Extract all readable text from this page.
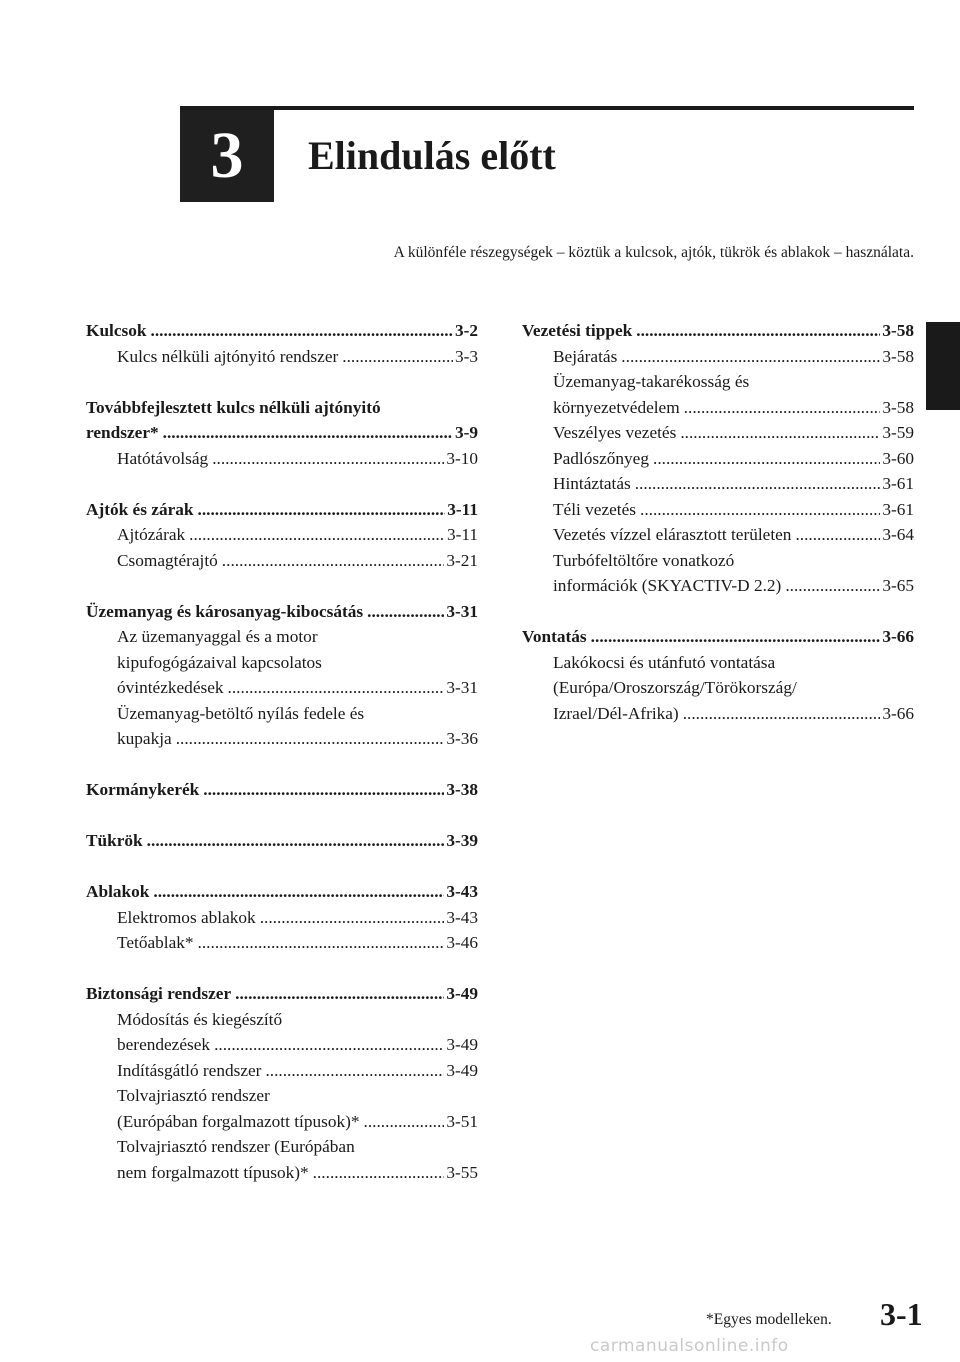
3 Elindulás előtt
A különféle részegységek – köztük a kulcsok, ajtók, tükrök és ablakok – használata.
Kulcsok .....	3-2
Kulcs nélküli ajtónyitó rendszer .....	3-3
Továbbfejlesztett kulcs nélküli ajtónyitó
rendszer* .....	3-9
Hatótávolság .....	3-10
Ajtók és zárak .....	3-11
Ajtózárak .....	3-11
Csomagtérajtó .....	3-21
Üzemanyag és károsanyag-kibocsátás .....	3-31
Az üzemanyaggal és a motor
kipufogógázaival kapcsolatos
óvintézkedések .....	3-31
Üzemanyag-betöltő nyílás fedele és
kupakja .....	3-36
Kormánykerék .....	3-38
Tükrök .....	3-39
Ablakok .....	3-43
Elektromos ablakok .....	3-43
Tetőablak* .....	3-46
Biztonsági rendszer .....	3-49
Módosítás és kiegészítő
berendezések .....	3-49
Indításgátló rendszer .....	3-49
Tolvajriasztó rendszer
(Európában forgalmazott típusok)* .....	3-51
Tolvajriasztó rendszer (Európában
nem forgalmazott típusok)* .....	3-55
Vezetési tippek .....	3-58
Bejáratás .....	3-58
Üzemanyag-takarékosság és
környezetvédelem .....	3-58
Veszélyes vezetés .....	3-59
Padlószőnyeg .....	3-60
Hintáztatás .....	3-61
Téli vezetés .....	3-61
Vezetés vízzel elárasztott területen .....	3-64
Turbófeltöltőre vonatkozó
információk (SKYACTIV-D 2.2) .....	3-65
Vontatás .....	3-66
Lakókocsi és utánfutó vontatása
(Európa/Oroszország/Törökország/
Izrael/Dél-Afrika) .....	3-66
*Egyes modelleken. 3-1
carmanualsonline.info
